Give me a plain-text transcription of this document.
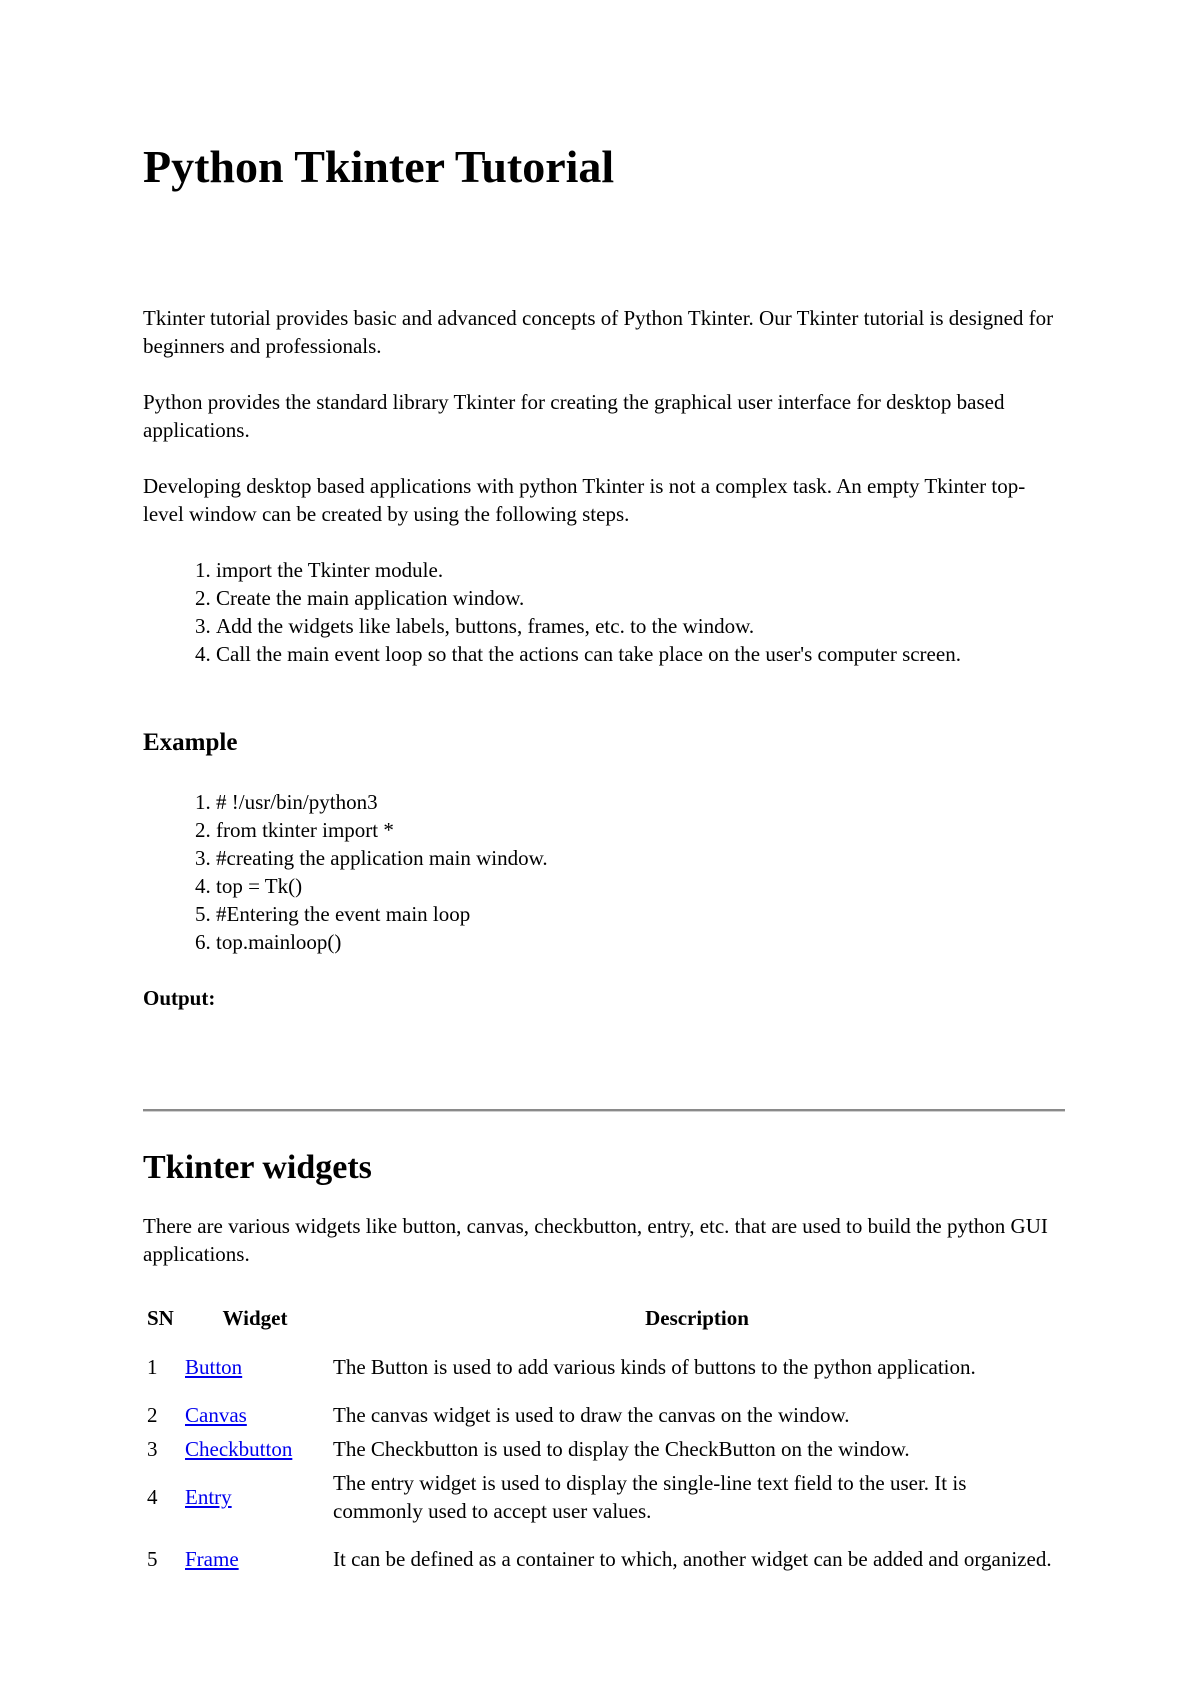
Python Tkinter Tutorial

Tkinter tutorial provides basic and advanced concepts of Python Tkinter. Our Tkinter tutorial is designed for beginners and professionals.

Python provides the standard library Tkinter for creating the graphical user interface for desktop based applications.

Developing desktop based applications with python Tkinter is not a complex task. An empty Tkinter top-level window can be created by using the following steps.

1. import the Tkinter module.
2. Create the main application window.
3. Add the widgets like labels, buttons, frames, etc. to the window.
4. Call the main event loop so that the actions can take place on the user's computer screen.
Example
1. # !/usr/bin/python3
2. from tkinter import *
3. #creating the application main window.
4. top = Tk()
5. #Entering the event main loop
6. top.mainloop()

Output:

Tkinter widgets

There are various widgets like button, canvas, checkbutton, entry, etc. that are used to build the python GUI applications.

SN	Widget	Description
1	Button	The Button is used to add various kinds of buttons to the python application.
2	Canvas	The canvas widget is used to draw the canvas on the window.
3	Checkbutton	The Checkbutton is used to display the CheckButton on the window.
4	Entry	The entry widget is used to display the single-line text field to the user. It is commonly used to accept user values.
5	Frame	It can be defined as a container to which, another widget can be added and organized.
